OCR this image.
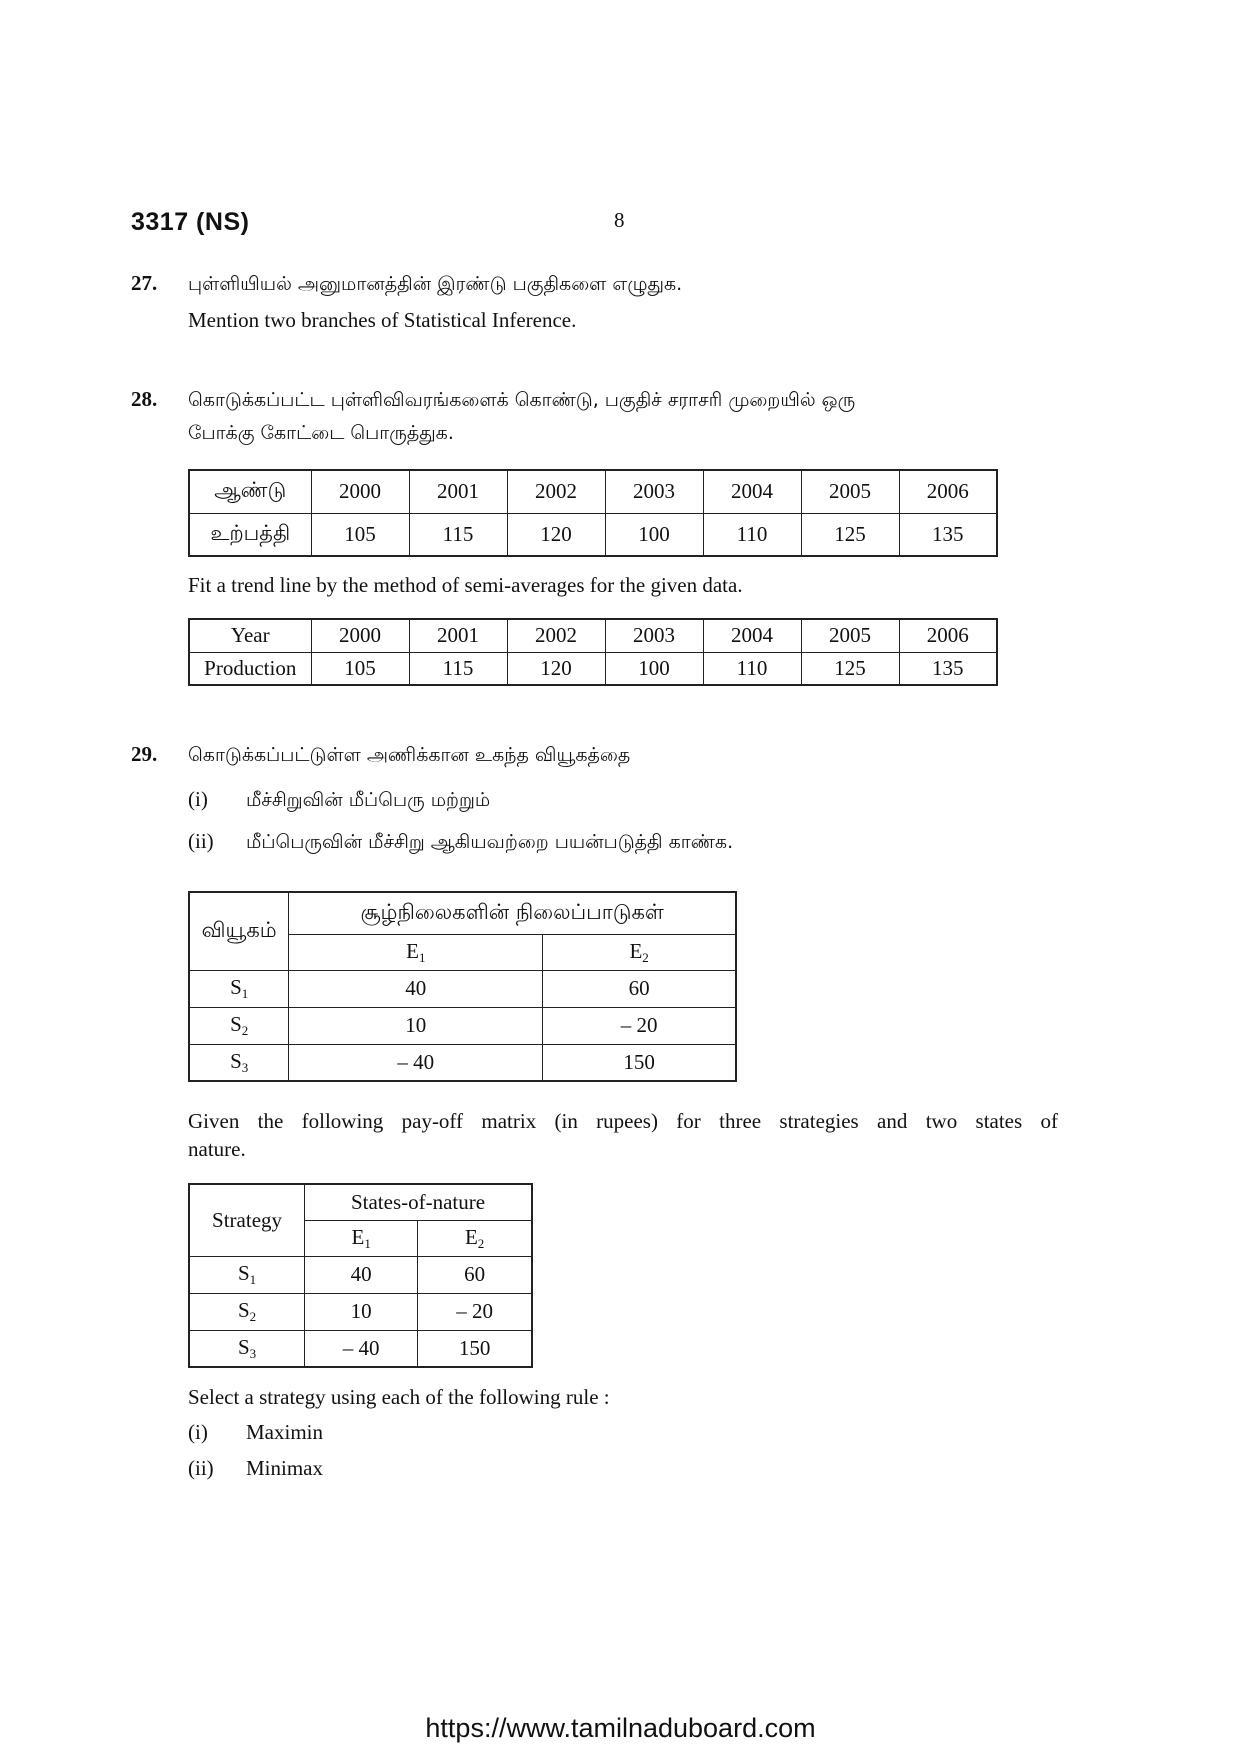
3317 (NS)	8
27. புள்ளியியல் அனுமானத்தின் இரண்டு பகுதிகளை எழுதுக.
Mention two branches of Statistical Inference.
28. கொடுக்கப்பட்ட புள்ளிவிவரங்களைக் கொண்டு, பகுதிச் சராசரி முறையில் ஒரு
போக்கு கோட்டை பொருத்துக.
ஆண்டு	2000	2001	2002	2003	2004	2005	2006
உற்பத்தி	105	115	120	100	110	125	135
Fit a trend line by the method of semi-averages for the given data.
Year	2000	2001	2002	2003	2004	2005	2006
Production	105	115	120	100	110	125	135
29. கொடுக்கப்பட்டுள்ள அணிக்கான உகந்த வியூகத்தை
(i) மீச்சிறுவின் மீப்பெரு மற்றும்
(ii) மீப்பெருவின் மீச்சிறு ஆகியவற்றை பயன்படுத்தி காண்க.
வியூகம்	சூழ்நிலைகளின் நிலைப்பாடுகள்	
	$E_1$	$E_2$
$S_1$	40	60
$S_2$	10	– 20
$S_3$	– 40	150
Given the following pay-off matrix (in rupees) for three strategies and two states of
nature.
Strategy	States-of-nature	
	$E_1$	$E_2$
$S_1$	40	60
$S_2$	10	– 20
$S_3$	– 40	150
Select a strategy using each of the following rule :
(i) Maximin
(ii) Minimax
https://www.tamilnaduboard.com
